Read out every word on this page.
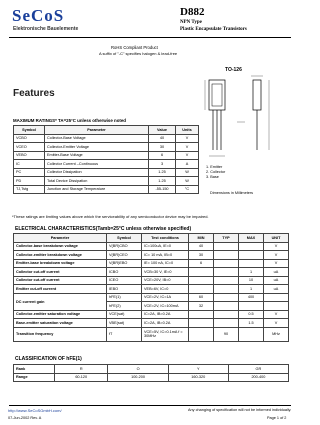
SeCoS
Elektronische Bauelemente
D882
NPN Type
Plastic Encapsulate Transistors
RoHS Compliant Product
A suffix of "-C" specifies halogen & lead-free
TO-126
1. Emitter
2. Collector
3. Base
Dimensions in Millimeters
Features
MAXIMUM RATINGS* TA=25°C unless otherwise noted
Symbol	Parameter	Value	Units
VCBO	Collector-Base Voltage	40	V
VCEO	Collector-Emitter Voltage	30	V
VEBO	Emitter-Base Voltage	6	V
IC	Collector Current –Continuous	3	A
PC	Collector Dissipation	1.25	W
PD	Total Device Dissipation	1.25	W
TJ,Tstg	Junction and Storage Temperature	-55-150	°C
*These ratings are limiting values above which the serviceability of any semiconductor device may be impaired.
ELECTRICAL CHARACTERISTICS(Tamb=25°C unless otherwise specified)
Parameter	Symbol	Test conditions	MIN	TYP	MAX	UNIT
Collector-base breakdown voltage	V(BR)CBO	IC=100uA, IE=0	40			V
Collector-emitter breakdown voltage	V(BR)CEO	IC= 10 mA, IB=0	30			V
Emitter-base breakdown voltage	V(BR)EBO	IE= 100 nA, IC=0	6			V
Collector cut-off current	ICBO	VCB=30 V, IE=0			1	uA
Collector cut-off current	ICEO	VCE=20V, IB=0			10	uA
Emitter cut-off current	IEBO	VEB=6V, IC=0			1	uA
DC current gain	hFE(1)	VCE=2V, IC=1A	60		400	
	hFE(2)	VCE=2V, IC=100mA	32			
Collector-emitter saturation voltage	VCE(sat)	IC=2A, IB=0.2A			0.5	V
Base-emitter saturation voltage	VBE(sat)	IC=2A, IB=0.2A			1.5	V
Transition frequency	fT	VCE=5V, IC=0.1mA f = 30MHz		90		MHz
CLASSIFICATION OF hFE(1)
Rank	R	O	Y	GR
Range	60-120	100-200	160-320	200-400
http://www.SeCoSGmbH.com/	Any changing of specification will not be informed individually.
07-Jun-2002 Rev. A	Page 1 of 2
